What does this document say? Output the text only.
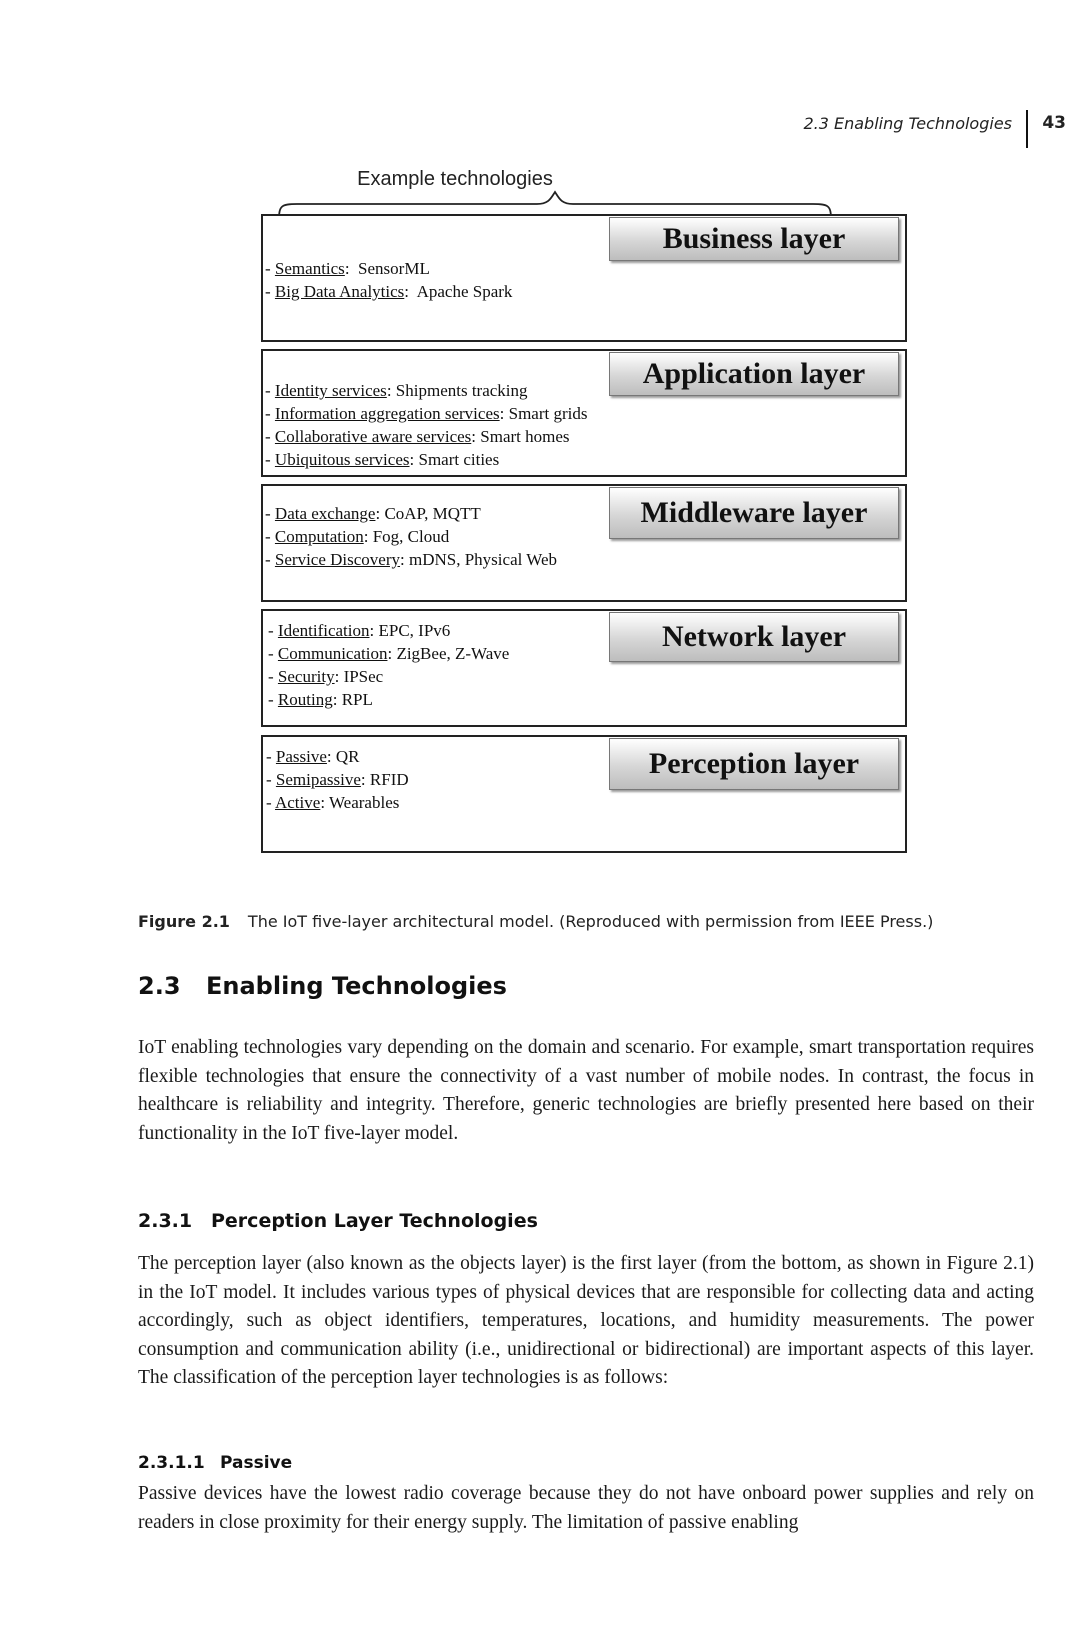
2.3 Enabling Technologies 43
Example technologies
Business layer
- Semantics:  SensorML
- Big Data Analytics:  Apache Spark
Application layer
- Identity services: Shipments tracking
- Information aggregation services: Smart grids
- Collaborative aware services: Smart homes
- Ubiquitous services: Smart cities
Middleware layer
- Data exchange: CoAP, MQTT
- Computation: Fog, Cloud
- Service Discovery: mDNS, Physical Web
Network layer
- Identification: EPC, IPv6
- Communication: ZigBee, Z-Wave
- Security: IPSec
- Routing: RPL
Perception layer
- Passive: QR
- Semipassive: RFID
- Active: Wearables
Figure 2.1 The IoT five-layer architectural model. (Reproduced with permission from IEEE Press.)
2.3 Enabling Technologies

IoT enabling technologies vary depending on the domain and scenario. For example, smart transportation requires flexible technologies that ensure the connectivity of a vast number of mobile nodes. In contrast, the focus in healthcare is reliability and integrity. Therefore, generic technologies are briefly presented here based on their functionality in the IoT five-layer model.

2.3.1 Perception Layer Technologies

The perception layer (also known as the objects layer) is the first layer (from the bottom, as shown in Figure 2.1) in the IoT model. It includes various types of physical devices that are responsible for collecting data and acting accordingly, such as object identifiers, temperatures, locations, and humidity measurements. The power consumption and communication ability (i.e., unidirectional or bidirectional) are important aspects of this layer. The classification of the perception layer technologies is as follows:

2.3.1.1 Passive

Passive devices have the lowest radio coverage because they do not have onboard power supplies and rely on readers in close proximity for their energy supply. The limitation of passive enabling
